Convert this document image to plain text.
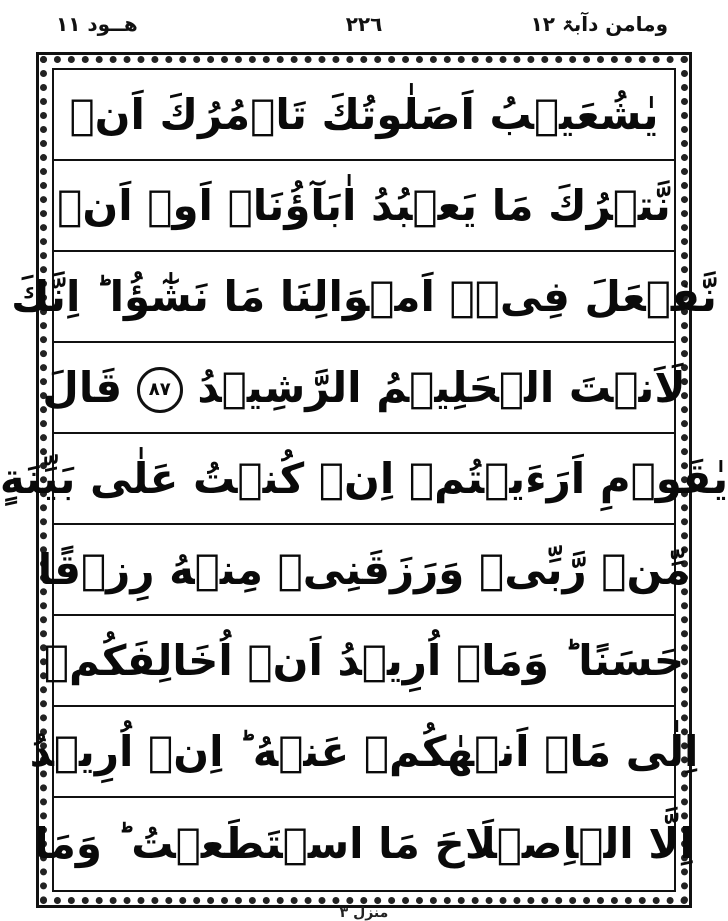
ھــود ١١	٢٢٦	ومامن دآبۃ ١٢
یٰشُعَیۡبُ اَصَلٰوتُكَ تَاۡمُرُكَ اَنۡ
نَّتۡرُكَ مَا یَعۡبُدُ اٰبَآؤُنَاۤ اَوۡ اَنۡ
نَّفۡعَلَ فِیۡۤ اَمۡوَالِنَا مَا نَشٰٓؤُا ؕ اِنَّكَ
لَاَنۡتَ الۡحَلِیۡمُ الرَّشِیۡدُ ٨٧ قَالَ
یٰقَوۡمِ اَرَءَیۡتُمۡ اِنۡ كُنۡتُ عَلٰی بَیِّنَةٍ
مِّنۡ رَّبِّیۡ وَرَزَقَنِیۡ مِنۡهُ رِزۡقًا
حَسَنًا ؕ وَمَاۤ اُرِیۡدُ اَنۡ اُخَالِفَكُمۡ
اِلٰی مَاۤ اَنۡهٰكُمۡ عَنۡهُ ؕ اِنۡ اُرِیۡدُ
اِلَّا الۡاِصۡلَاحَ مَا اسۡتَطَعۡتُ ؕ وَمَا
منزل ٣
